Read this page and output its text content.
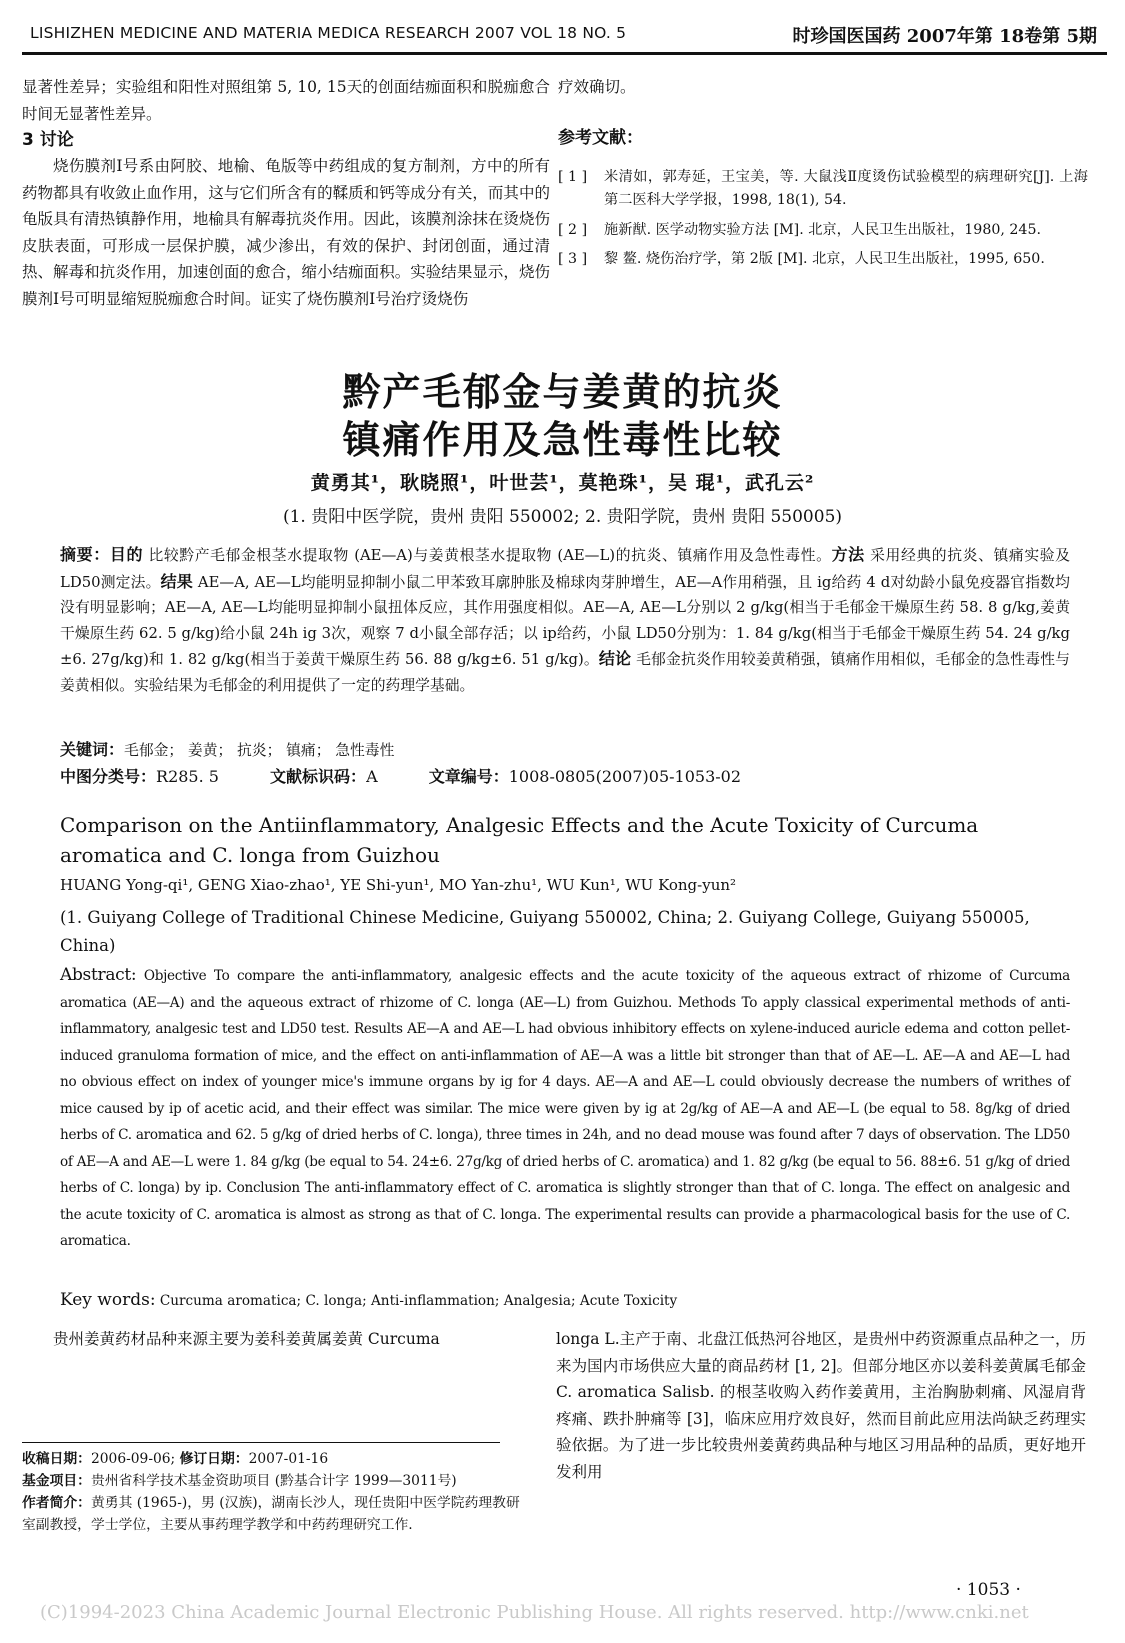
LISHIZHEN MEDICINE AND MATERIA MEDICA RESEARCH 2007 VOL 18 NO. 5	时珍国医国药 2007年第 18卷第 5期

显著性差异；实验组和阳性对照组第 5, 10, 15天的创面结痂面积和脱痂愈合时间无显著性差异。

3 讨论

烧伤膜剂Ⅰ号系由阿胶、地榆、龟版等中药组成的复方制剂，方中的所有药物都具有收敛止血作用，这与它们所含有的鞣质和钙等成分有关，而其中的龟版具有清热镇静作用，地榆具有解毒抗炎作用。因此，该膜剂涂抹在烫烧伤皮肤表面，可形成一层保护膜，减少渗出，有效的保护、封闭创面，通过清热、解毒和抗炎作用，加速创面的愈合，缩小结痂面积。实验结果显示，烧伤膜剂Ⅰ号可明显缩短脱痂愈合时间。证实了烧伤膜剂Ⅰ号治疗烫烧伤

疗效确切。

参考文献：
[ 1 ]	米清如，郭寿延，王宝美，等. 大鼠浅Ⅱ度烫伤试验模型的病理研究[J]. 上海第二医科大学学报，1998, 18(1), 54.
[ 2 ]	施新猷. 医学动物实验方法 [M]. 北京，人民卫生出版社，1980, 245.
[ 3 ]	黎 鳌. 烧伤治疗学，第 2版 [M]. 北京，人民卫生出版社，1995, 650.
黔产毛郁金与姜黄的抗炎
镇痛作用及急性毒性比较
黄勇其¹，耿晓照¹，叶世芸¹，莫艳珠¹，吴 琨¹，武孔云²
(1. 贵阳中医学院，贵州 贵阳 550002; 2. 贵阳学院，贵州 贵阳 550005)
摘要：目的 比较黔产毛郁金根茎水提取物 (AE—A)与姜黄根茎水提取物 (AE—L)的抗炎、镇痛作用及急性毒性。方法 采用经典的抗炎、镇痛实验及 LD50测定法。结果 AE—A, AE—L均能明显抑制小鼠二甲苯致耳廓肿胀及棉球肉芽肿增生，AE—A作用稍强，且 ig给药 4 d对幼龄小鼠免疫器官指数均没有明显影响；AE—A, AE—L均能明显抑制小鼠扭体反应，其作用强度相似。AE—A, AE—L分别以 2 g/kg(相当于毛郁金干燥原生药 58. 8 g/kg,姜黄干燥原生药 62. 5 g/kg)给小鼠 24h ig 3次，观察 7 d小鼠全部存活；以 ip给药，小鼠 LD50分别为：1. 84 g/kg(相当于毛郁金干燥原生药 54. 24 g/kg ±6. 27g/kg)和 1. 82 g/kg(相当于姜黄干燥原生药 56. 88 g/kg±6. 51 g/kg)。结论 毛郁金抗炎作用较姜黄稍强，镇痛作用相似，毛郁金的急性毒性与姜黄相似。实验结果为毛郁金的利用提供了一定的药理学基础。
关键词：毛郁金； 姜黄； 抗炎； 镇痛； 急性毒性
中图分类号：R285. 5	文献标识码：A	文章编号：1008-0805(2007)05-1053-02
Comparison on the Antiinflammatory, Analgesic Effects and the Acute Toxicity of Curcuma aromatica and C. longa from Guizhou
HUANG Yong-qi¹, GENG Xiao-zhao¹, YE Shi-yun¹, MO Yan-zhu¹, WU Kun¹, WU Kong-yun²
(1. Guiyang College of Traditional Chinese Medicine, Guiyang 550002, China; 2. Guiyang College, Guiyang 550005, China)
Abstract: Objective To compare the anti-inflammatory, analgesic effects and the acute toxicity of the aqueous extract of rhizome of Curcuma aromatica (AE—A) and the aqueous extract of rhizome of C. longa (AE—L) from Guizhou. Methods To apply classical experimental methods of anti-inflammatory, analgesic test and LD50 test. Results AE—A and AE—L had obvious inhibitory effects on xylene-induced auricle edema and cotton pellet-induced granuloma formation of mice, and the effect on anti-inflammation of AE—A was a little bit stronger than that of AE—L. AE—A and AE—L had no obvious effect on index of younger mice's immune organs by ig for 4 days. AE—A and AE—L could obviously decrease the numbers of writhes of mice caused by ip of acetic acid, and their effect was similar. The mice were given by ig at 2g/kg of AE—A and AE—L (be equal to 58. 8g/kg of dried herbs of C. aromatica and 62. 5 g/kg of dried herbs of C. longa), three times in 24h, and no dead mouse was found after 7 days of observation. The LD50 of AE—A and AE—L were 1. 84 g/kg (be equal to 54. 24±6. 27g/kg of dried herbs of C. aromatica) and 1. 82 g/kg (be equal to 56. 88±6. 51 g/kg of dried herbs of C. longa) by ip. Conclusion The anti-inflammatory effect of C. aromatica is slightly stronger than that of C. longa. The effect on analgesic and the acute toxicity of C. aromatica is almost as strong as that of C. longa. The experimental results can provide a pharmacological basis for the use of C. aromatica.
Key words: Curcuma aromatica; C. longa; Anti-inflammation; Analgesia; Acute Toxicity
贵州姜黄药材品种来源主要为姜科姜黄属姜黄 Curcuma	longa L.主产于南、北盘江低热河谷地区，是贵州中药资源重点品种之一，历来为国内市场供应大量的商品药材 [1, 2]。但部分地区亦以姜科姜黄属毛郁金 C. aromatica Salisb. 的根茎收购入药作姜黄用，主治胸胁刺痛、风湿肩背疼痛、跌扑肿痛等 [3]，临床应用疗效良好，然而目前此应用法尚缺乏药理实验依据。为了进一步比较贵州姜黄药典品种与地区习用品种的品质，更好地开发利用
收稿日期：2006-09-06; 修订日期：2007-01-16
基金项目：贵州省科学技术基金资助项目 (黔基合计字 1999—3011号)
作者简介：黄勇其 (1965-)，男 (汉族)，湖南长沙人，现任贵阳中医学院药理教研室副教授，学士学位，主要从事药理学教学和中药药理研究工作.
· 1053 ·
(C)1994-2023 China Academic Journal Electronic Publishing House. All rights reserved. http://www.cnki.net
